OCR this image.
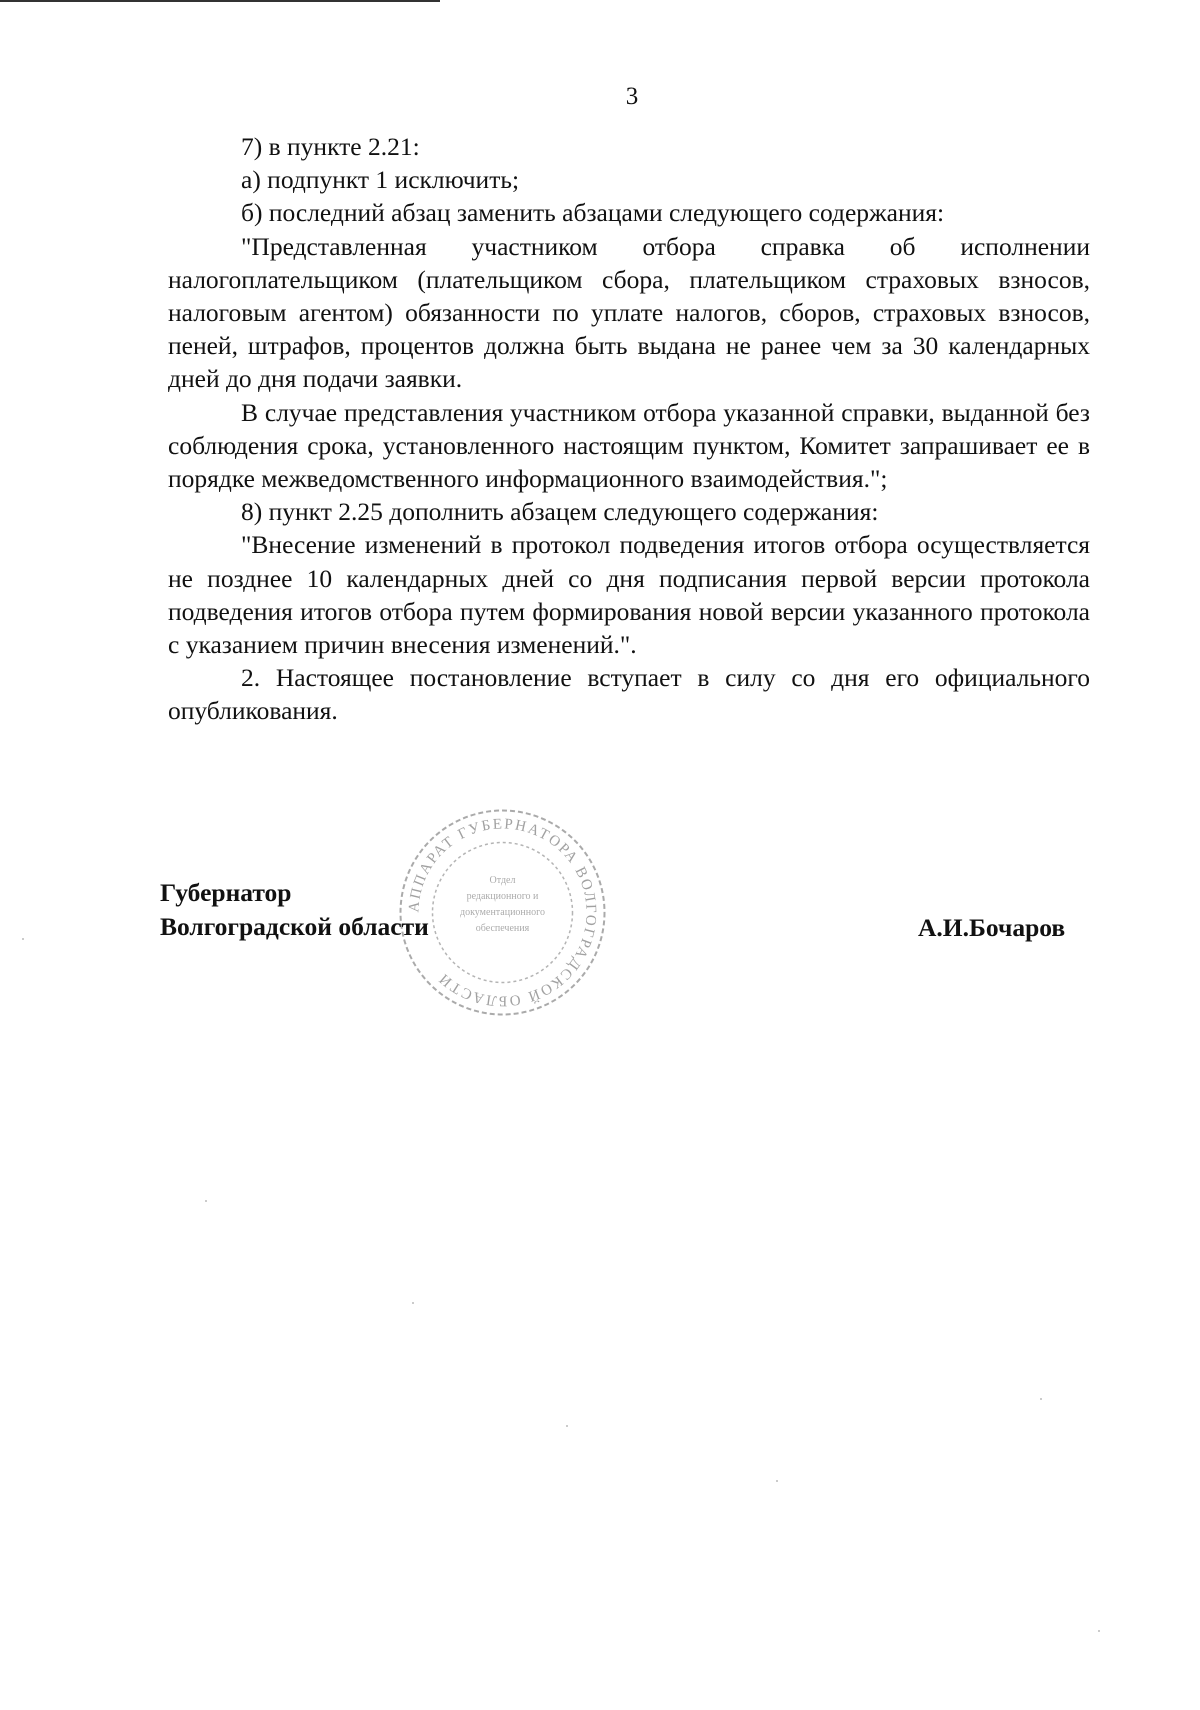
3

7) в пункте 2.21:

а) подпункт 1 исключить;

б) последний абзац заменить абзацами следующего содержания:

"Представленная участником отбора справка об исполнении налогоплательщиком (плательщиком сбора, плательщиком страховых взносов, налоговым агентом) обязанности по уплате налогов, сборов, страховых взносов, пеней, штрафов, процентов должна быть выдана не ранее чем за 30 календарных дней до дня подачи заявки.

В случае представления участником отбора указанной справки, выданной без соблюдения срока, установленного настоящим пунктом, Комитет запрашивает ее в порядке межведомственного информационного взаимодействия.";

8) пункт 2.25 дополнить абзацем следующего содержания:

"Внесение изменений в протокол подведения итогов отбора осуществляется не позднее 10 календарных дней со дня подписания первой версии протокола подведения итогов отбора путем формирования новой версии указанного протокола с указанием причин внесения изменений.".

2. Настоящее постановление вступает в силу со дня его официального опубликования.

АППАРАТ ГУБЕРНАТОРА ВОЛГОГРАДСКОЙ ОБЛАСТИ
Отдел
редакционного и
документационного
обеспечения
Губернатор
Волгоградской области	А.И.Бочаров
